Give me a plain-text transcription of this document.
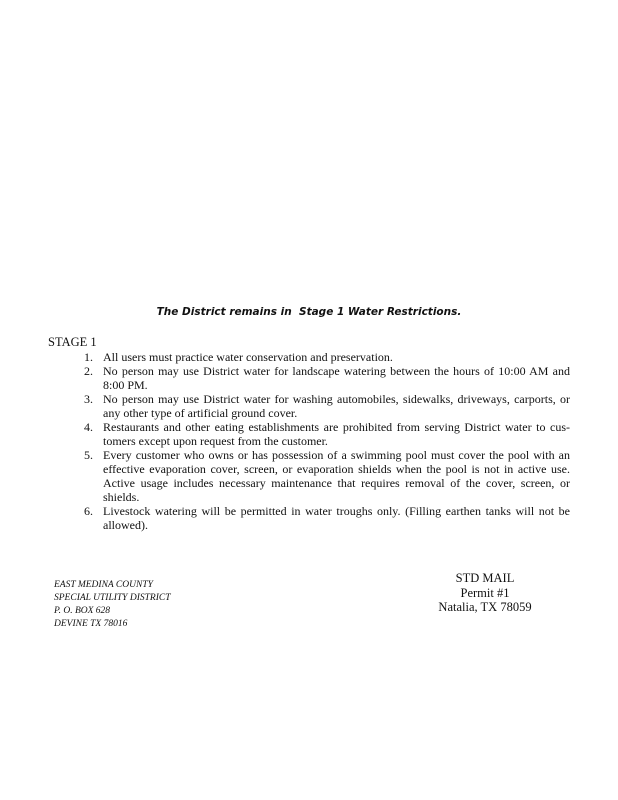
The District remains in  Stage 1 Water Restrictions.

STAGE 1

1. All users must practice water conservation and preservation.
2. No person may use District water for landscape watering between the hours of 10:00 AM and 8:00 PM.
3. No person may use District water for washing automobiles, sidewalks, driveways, carports, or any other type of artificial ground cover.
4. Restaurants and other eating establishments are prohibited from serving District water to customers except upon request from the customer.
5. Every customer who owns or has possession of a swimming pool must cover the pool with an effective evaporation cover, screen, or evaporation shields when the pool is not in active use. Active usage includes necessary maintenance that requires removal of the cover, screen, or shields.
6. Livestock watering will be permitted in water troughs only. (Filling earthen tanks will not be allowed).
EAST MEDINA COUNTY
SPECIAL UTILITY DISTRICT
P. O. BOX 628
DEVINE TX 78016
STD MAIL
Permit #1
Natalia, TX 78059
